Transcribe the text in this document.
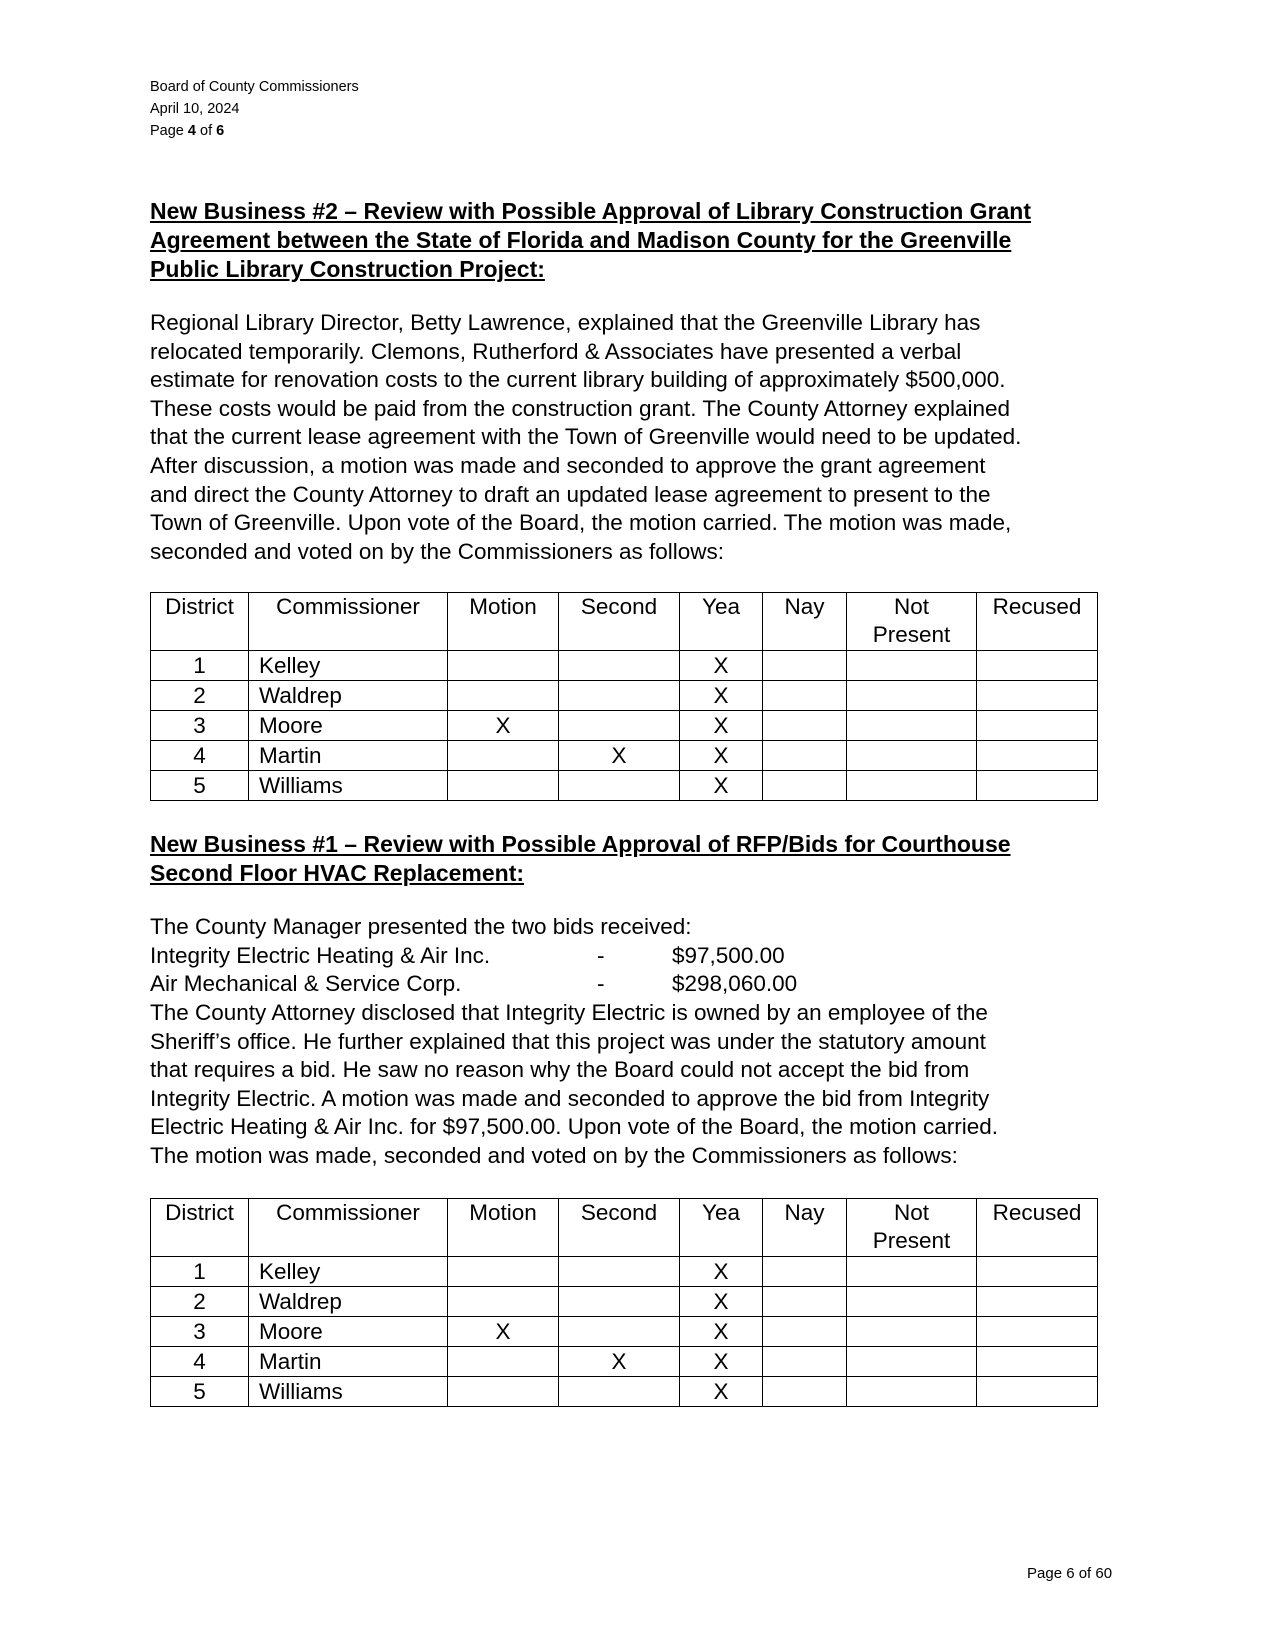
Board of County Commissioners
April 10, 2024
Page 4 of 6
New Business #2 – Review with Possible Approval of Library Construction Grant
Agreement between the State of Florida and Madison County for the Greenville
Public Library Construction Project:
Regional Library Director, Betty Lawrence, explained that the Greenville Library has
relocated temporarily. Clemons, Rutherford & Associates have presented a verbal
estimate for renovation costs to the current library building of approximately $500,000.
These costs would be paid from the construction grant. The County Attorney explained
that the current lease agreement with the Town of Greenville would need to be updated.
After discussion, a motion was made and seconded to approve the grant agreement
and direct the County Attorney to draft an updated lease agreement to present to the
Town of Greenville. Upon vote of the Board, the motion carried. The motion was made,
seconded and voted on by the Commissioners as follows:
District	Commissioner	Motion	Second	Yea	Nay	Not Present	Recused
1	Kelley			X			
2	Waldrep			X			
3	Moore	X		X			
4	Martin		X	X			
5	Williams			X			
New Business #1 – Review with Possible Approval of RFP/Bids for Courthouse
Second Floor HVAC Replacement:
The County Manager presented the two bids received:
Integrity Electric Heating & Air Inc.	-	$97,500.00
Air Mechanical & Service Corp.	-	$298,060.00
The County Attorney disclosed that Integrity Electric is owned by an employee of the
Sheriff’s office. He further explained that this project was under the statutory amount
that requires a bid. He saw no reason why the Board could not accept the bid from
Integrity Electric. A motion was made and seconded to approve the bid from Integrity
Electric Heating & Air Inc. for $97,500.00. Upon vote of the Board, the motion carried.
The motion was made, seconded and voted on by the Commissioners as follows:
District	Commissioner	Motion	Second	Yea	Nay	Not Present	Recused
1	Kelley			X			
2	Waldrep			X			
3	Moore	X		X			
4	Martin		X	X			
5	Williams			X			
Page 6 of 60
